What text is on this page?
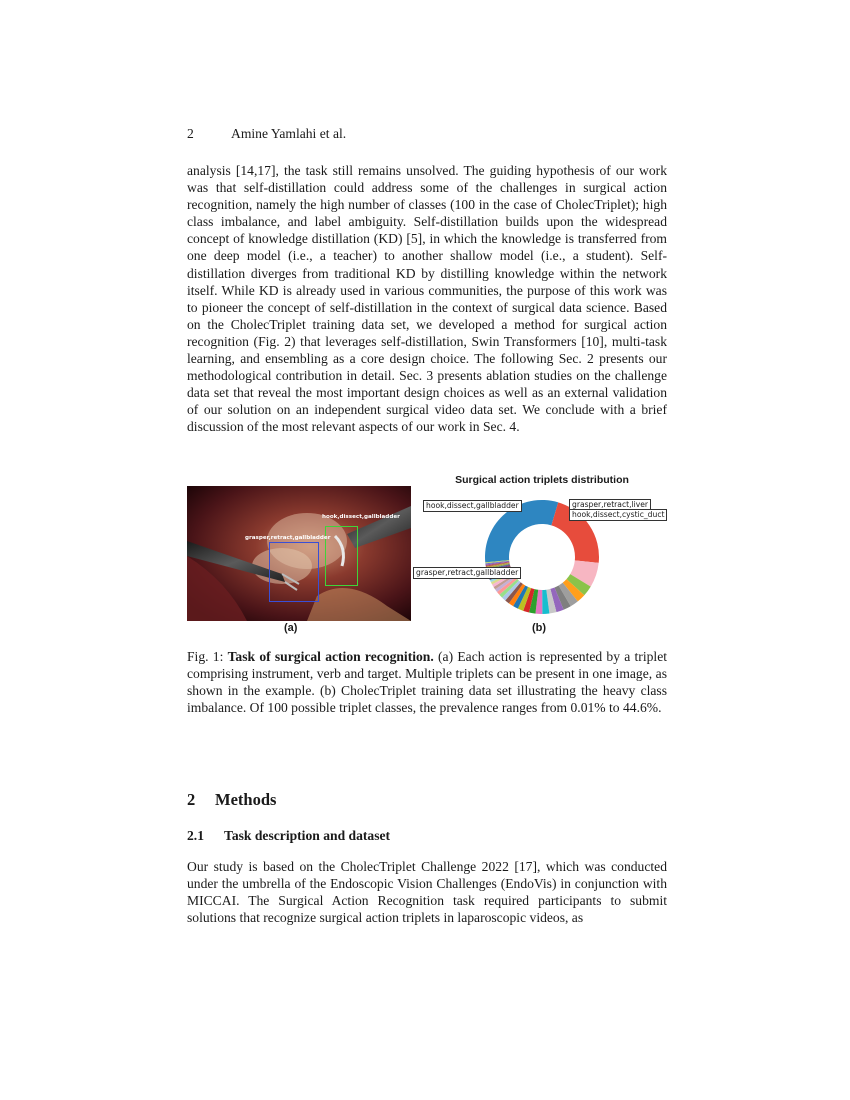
2	Amine Yamlahi et al.

analysis [14,17], the task still remains unsolved. The guiding hypothesis of our work was that self-distillation could address some of the challenges in surgical action recognition, namely the high number of classes (100 in the case of CholecTriplet); high class imbalance, and label ambiguity. Self-distillation builds upon the widespread concept of knowledge distillation (KD) [5], in which the knowledge is transferred from one deep model (i.e., a teacher) to another shallow model (i.e., a student). Self-distillation diverges from traditional KD by distilling knowledge within the network itself. While KD is already used in various communities, the purpose of this work was to pioneer the concept of self-distillation in the context of surgical data science. Based on the CholecTriplet training data set, we developed a method for surgical action recognition (Fig. 2) that leverages self-distillation, Swin Transformers [10], multi-task learning, and ensembling as a core design choice. The following Sec. 2 presents our methodological contribution in detail. Sec. 3 presents ablation studies on the challenge data set that reveal the most important design choices as well as an external validation of our solution on an independent surgical video data set. We conclude with a brief discussion of the most relevant aspects of our work in Sec. 4.

grasper,retract,gallbladder
hook,dissect,gallbladder
(a)
Surgical action triplets distribution
hook,dissect,gallbladder	grasper,retract,liver
hook,dissect,cystic_duct
grasper,retract,gallbladder
(b)

Fig. 1: Task of surgical action recognition. (a) Each action is represented by a triplet comprising instrument, verb and target. Multiple triplets can be present in one image, as shown in the example. (b) CholecTriplet training data set illustrating the heavy class imbalance. Of 100 possible triplet classes, the prevalence ranges from 0.01% to 44.6%.

2 Methods
2.1 Task description and dataset

Our study is based on the CholecTriplet Challenge 2022 [17], which was conducted under the umbrella of the Endoscopic Vision Challenges (EndoVis) in conjunction with MICCAI. The Surgical Action Recognition task required participants to submit solutions that recognize surgical action triplets in laparoscopic videos, as
